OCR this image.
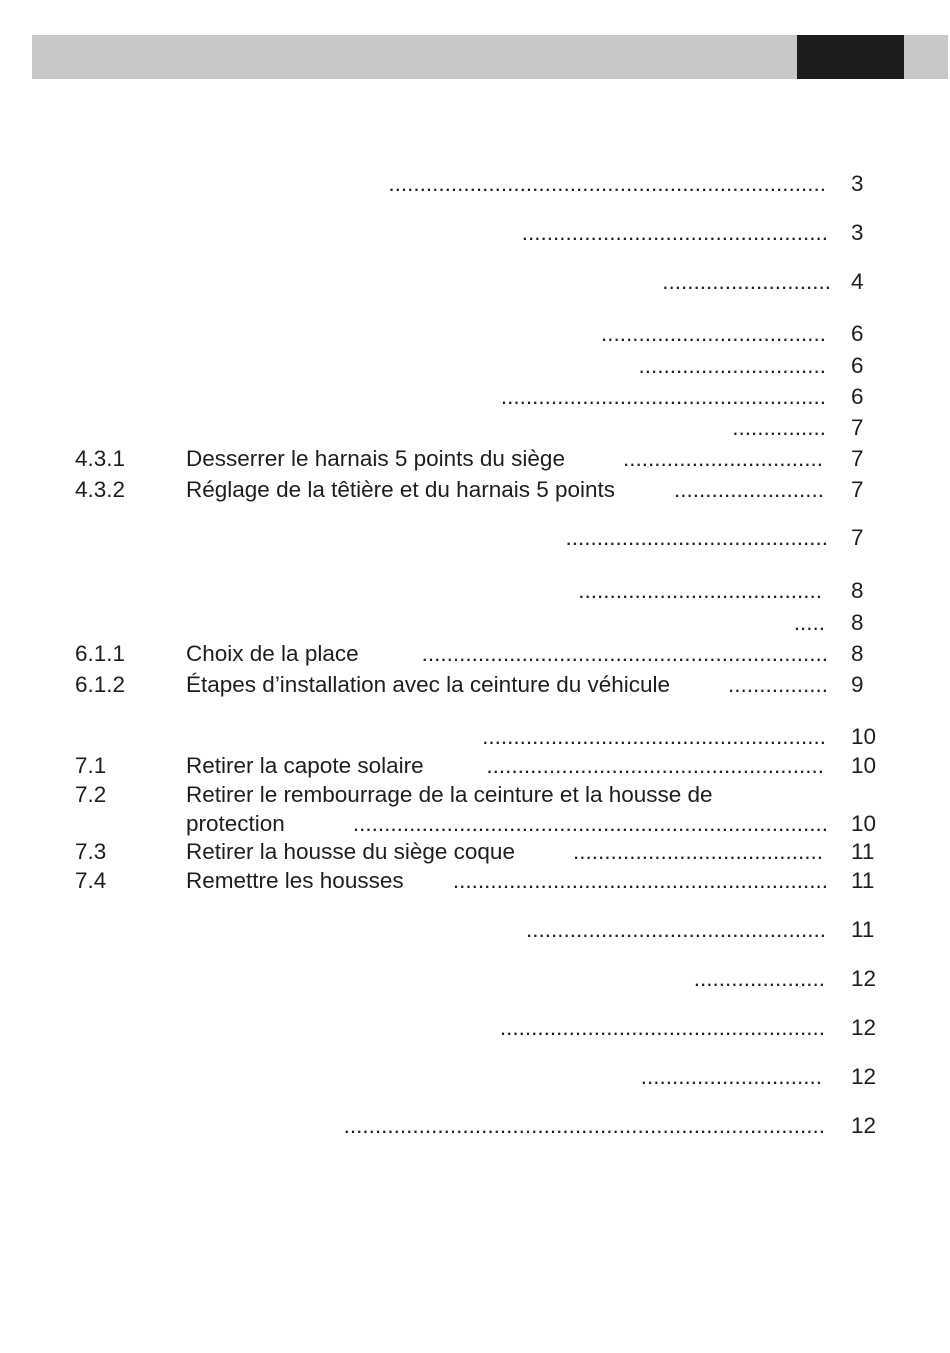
...................................................................... 3
................................................. 3
........................... 4
.................................... 6
.............................. 6
.................................................... 6
............... 7
4.3.1	Desserrer le harnais 5 points du siège	................................ 7
4.3.2	Réglage de la têtière et du harnais 5 points	........................ 7
.......................................... 7
....................................... 8
..... 8
6.1.1	Choix de la place	................................................................. 8
6.1.2	Étapes d’installation avec la ceinture du véhicule	................ 9
....................................................... 10
7.1	Retirer la capote solaire	...................................................... 10
7.2	Retirer le rembourrage de la ceinture et la housse de
protection	............................................................................ 10
7.3	Retirer la housse du siège coque	........................................ 11
7.4	Remettre les housses	............................................................ 11
................................................ 11
..................... 12
.................................................... 12
............................. 12
............................................................................. 12
